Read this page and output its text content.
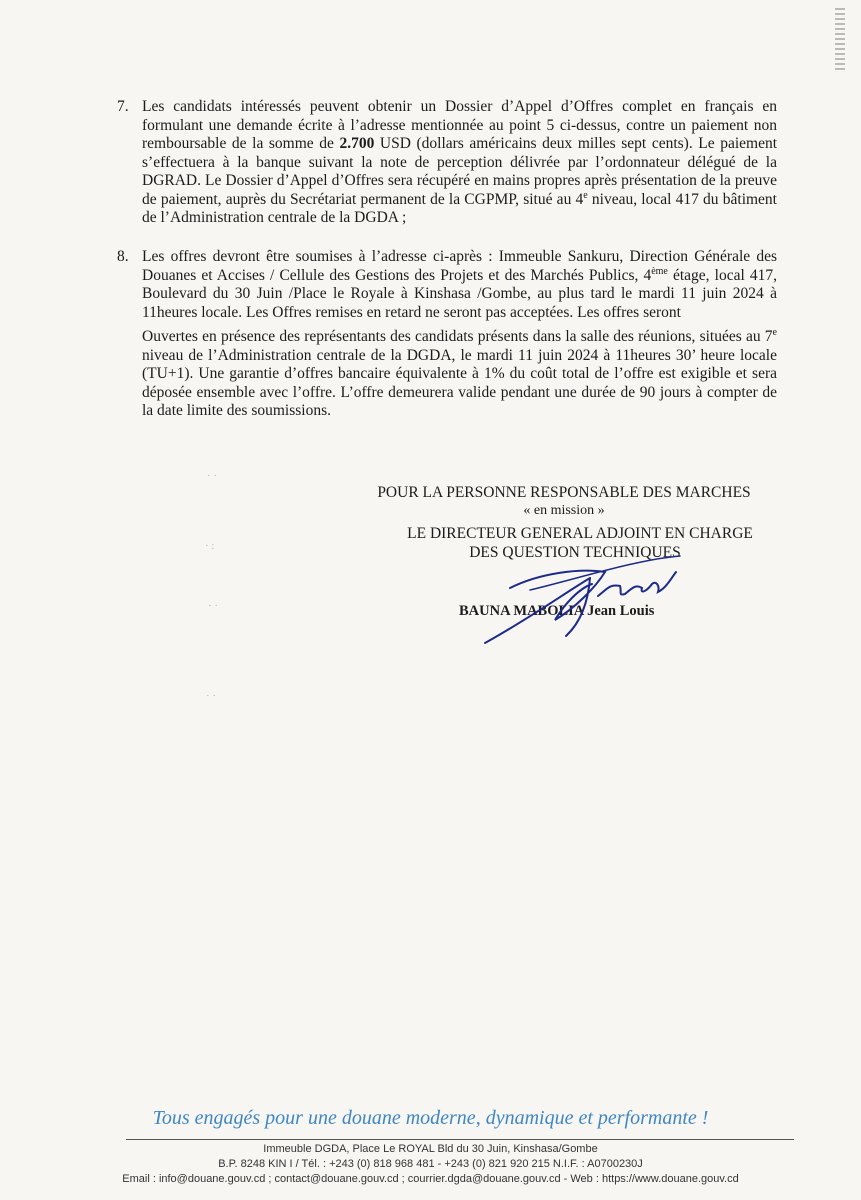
7. Les candidats intéressés peuvent obtenir un Dossier d’Appel d’Offres complet en français en formulant une demande écrite à l’adresse mentionnée au point 5 ci-dessus, contre un paiement non remboursable de la somme de 2.700 USD (dollars américains deux milles sept cents). Le paiement s’effectuera à la banque suivant la note de perception délivrée par l’ordonnateur délégué de la DGRAD. Le Dossier d’Appel d’Offres sera récupéré en mains propres après présentation de la preuve de paiement, auprès du Secrétariat permanent de la CGPMP, situé au 4e niveau, local 417 du bâtiment de l’Administration centrale de la DGDA ;
8. Les offres devront être soumises à l’adresse ci-après : Immeuble Sankuru, Direction Générale des Douanes et Accises / Cellule des Gestions des Projets et des Marchés Publics, 4ème étage, local 417, Boulevard du 30 Juin /Place le Royale à Kinshasa /Gombe, au plus tard le mardi 11 juin 2024 à 11heures locale. Les Offres remises en retard ne seront pas acceptées. Les offres seront
Ouvertes en présence des représentants des candidats présents dans la salle des réunions, situées au 7e niveau de l’Administration centrale de la DGDA, le mardi 11 juin 2024 à 11heures 30’ heure locale (TU+1). Une garantie d’offres bancaire équivalente à 1% du coût total de l’offre est exigible et sera déposée ensemble avec l’offre. L’offre demeurera valide pendant une durée de 90 jours à compter de la date limite des soumissions.
· ·
· :
· ·
· ·
POUR LA PERSONNE RESPONSABLE DES MARCHES
« en mission »
LE DIRECTEUR GENERAL ADJOINT EN CHARGE
DES QUESTION TECHNIQUES
BAUNA MABOLIA Jean Louis
Tous engagés pour une douane moderne, dynamique et performante !
Immeuble DGDA, Place Le ROYAL Bld du 30 Juin, Kinshasa/Gombe
B.P. 8248 KIN I / Tél. : +243 (0) 818 968 481 - +243 (0) 821 920 215 N.I.F. : A0700230J
Email : info@douane.gouv.cd ; contact@douane.gouv.cd ; courrier.dgda@douane.gouv.cd - Web : https://www.douane.gouv.cd
